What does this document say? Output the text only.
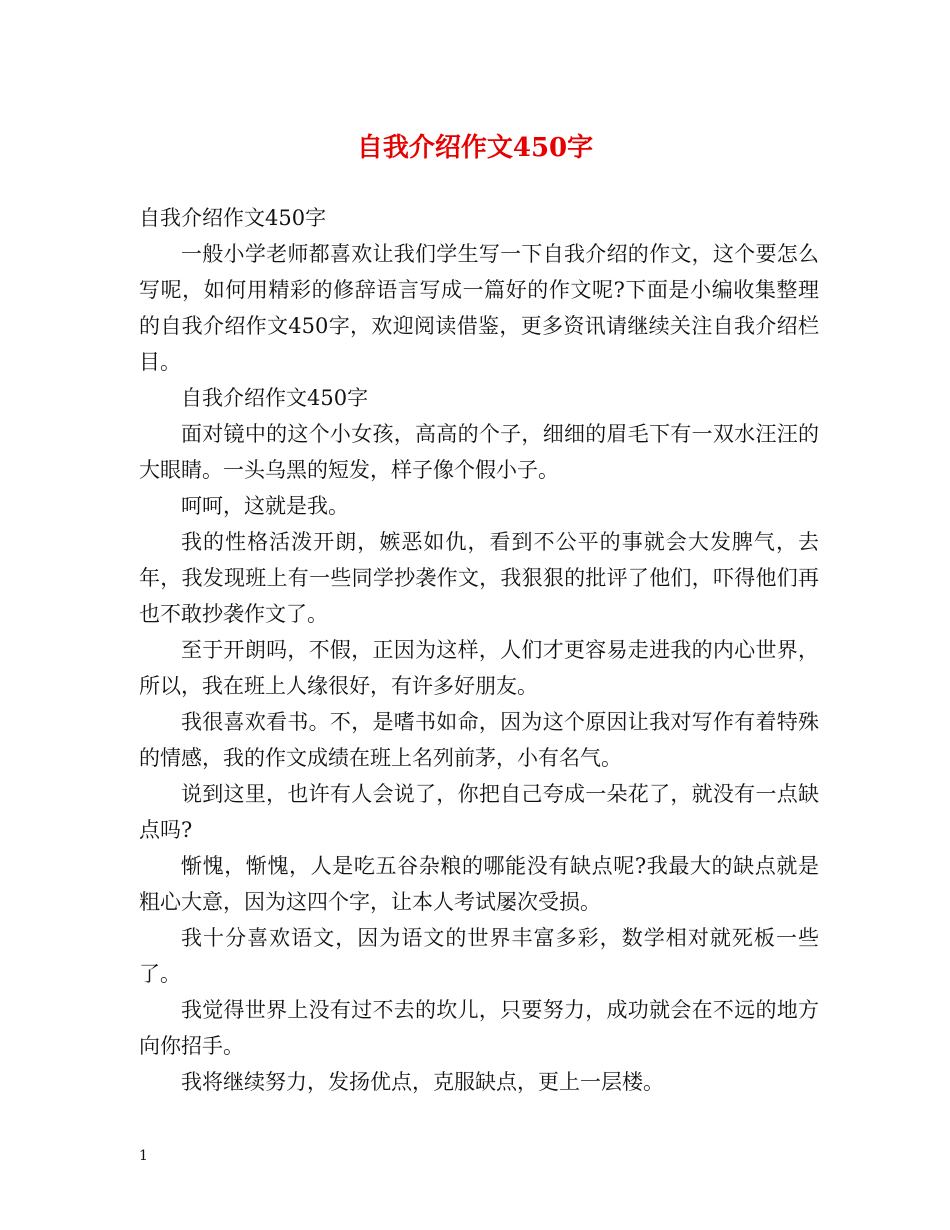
自我介绍作文450字

自我介绍作文450字

一般小学老师都喜欢让我们学生写一下自我介绍的作文，这个要怎么写呢，如何用精彩的修辞语言写成一篇好的作文呢?下面是小编收集整理的自我介绍作文450字，欢迎阅读借鉴，更多资讯请继续关注自我介绍栏目。

自我介绍作文450字

面对镜中的这个小女孩，高高的个子，细细的眉毛下有一双水汪汪的大眼睛。一头乌黑的短发，样子像个假小子。

呵呵，这就是我。

我的性格活泼开朗，嫉恶如仇，看到不公平的事就会大发脾气，去年，我发现班上有一些同学抄袭作文，我狠狠的批评了他们，吓得他们再也不敢抄袭作文了。

至于开朗吗，不假，正因为这样，人们才更容易走进我的内心世界，所以，我在班上人缘很好，有许多好朋友。

我很喜欢看书。不，是嗜书如命，因为这个原因让我对写作有着特殊的情感，我的作文成绩在班上名列前茅，小有名气。

说到这里，也许有人会说了，你把自己夸成一朵花了，就没有一点缺点吗?

惭愧，惭愧，人是吃五谷杂粮的哪能没有缺点呢?我最大的缺点就是粗心大意，因为这四个字，让本人考试屡次受损。

我十分喜欢语文，因为语文的世界丰富多彩，数学相对就死板一些了。

我觉得世界上没有过不去的坎儿，只要努力，成功就会在不远的地方向你招手。

我将继续努力，发扬优点，克服缺点，更上一层楼。

1
